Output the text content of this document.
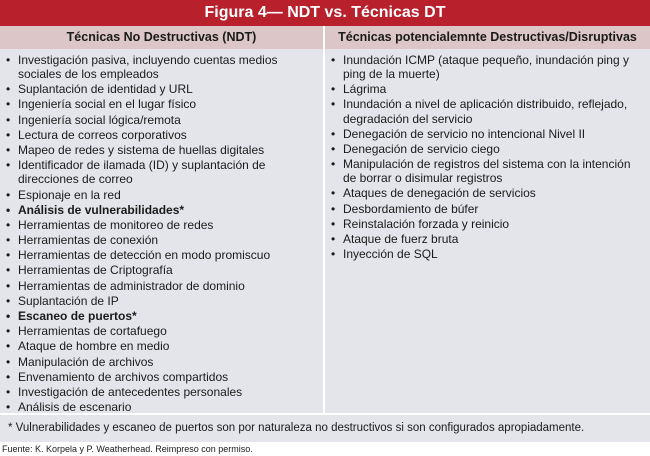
Figura 4— NDT vs. Técnicas DT
Técnicas No Destructivas (NDT)	Técnicas potencialemnte Destructivas/Disruptivas
• Investigación pasiva, incluyendo cuentas medios sociales de los empleados
• Suplantación de identidad y URL
• Ingeniería social en el lugar físico
• Ingeniería social lógica/remota
• Lectura de correos corporativos
• Mapeo de redes y sistema de huellas digitales
• Identificador de ilamada (ID) y suplantación de direcciones de correo
• Espionaje en la red
• Análisis de vulnerabilidades*
• Herramientas de monitoreo de redes
• Herramientas de conexión
• Herramientas de detección en modo promiscuo
• Herramientas de Criptografía
• Herramientas de administrador de dominio
• Suplantación de IP
• Escaneo de puertos*
• Herramientas de cortafuego
• Ataque de hombre en medio
• Manipulación de archivos
• Envenamiento de archivos compartidos
• Investigación de antecedentes personales
• Análisis de escenario
• Inundación ICMP (ataque pequeño, inundación ping y ping de la muerte)
• Lágrima
• Inundación a nivel de aplicación distribuido, reflejado, degradación del servicio
• Denegación de servicio no intencional Nivel II
• Denegación de servicio ciego
• Manipulación de registros del sistema con la intención de borrar o disimular registros
• Ataques de denegación de servicios
• Desbordamiento de búfer
• Reinstalación forzada y reinicio
• Ataque de fuerz bruta
• Inyección de SQL
* Vulnerabilidades y escaneo de puertos son por naturaleza no destructivos si son configurados apropiadamente.
Fuente: K. Korpela y P. Weatherhead. Reimpreso con permiso.
